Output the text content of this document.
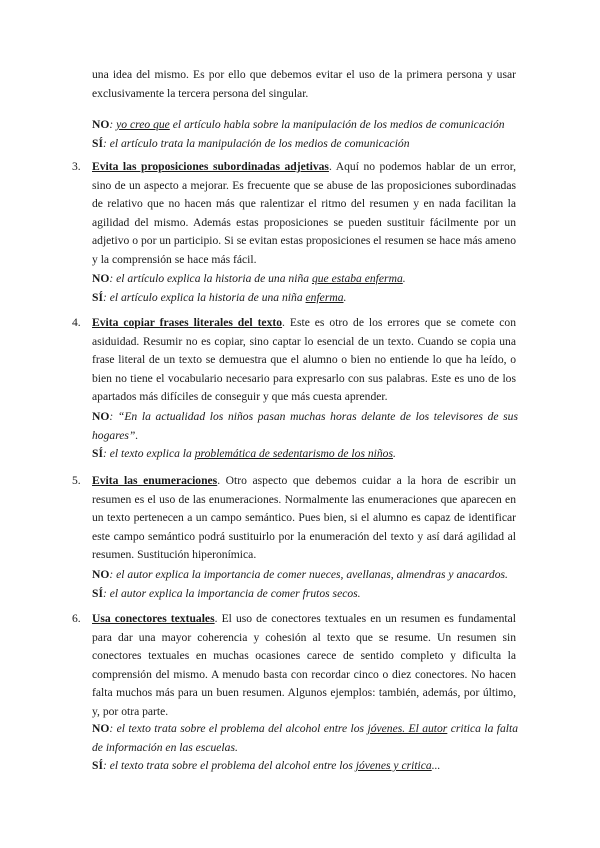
una idea del mismo. Es por ello que debemos evitar el uso de la primera persona y usar exclusivamente la tercera persona del singular.
NO: yo creo que el artículo habla sobre la manipulación de los medios de comunicación
SÍ: el artículo trata la manipulación de los medios de comunicación
3. Evita las proposiciones subordinadas adjetivas. Aquí no podemos hablar de un error, sino de un aspecto a mejorar. Es frecuente que se abuse de las proposiciones subordinadas de relativo que no hacen más que ralentizar el ritmo del resumen y en nada facilitan la agilidad del mismo. Además estas proposiciones se pueden sustituir fácilmente por un adjetivo o por un participio. Si se evitan estas proposiciones el resumen se hace más ameno y la comprensión se hace más fácil.
NO: el artículo explica la historia de una niña que estaba enferma.
SÍ: el artículo explica la historia de una niña enferma.
4. Evita copiar frases literales del texto. Este es otro de los errores que se comete con asiduidad. Resumir no es copiar, sino captar lo esencial de un texto. Cuando se copia una frase literal de un texto se demuestra que el alumno o bien no entiende lo que ha leído, o bien no tiene el vocabulario necesario para expresarlo con sus palabras. Este es uno de los apartados más difíciles de conseguir y que más cuesta aprender.
NO: “En la actualidad los niños pasan muchas horas delante de los televisores de sus hogares”.
SÍ: el texto explica la problemática de sedentarismo de los niños.
5. Evita las enumeraciones. Otro aspecto que debemos cuidar a la hora de escribir un resumen es el uso de las enumeraciones. Normalmente las enumeraciones que aparecen en un texto pertenecen a un campo semántico. Pues bien, si el alumno es capaz de identificar este campo semántico podrá sustituirlo por la enumeración del texto y así dará agilidad al resumen. Sustitución hiperonímica.
NO: el autor explica la importancia de comer nueces, avellanas, almendras y anacardos.
SÍ: el autor explica la importancia de comer frutos secos.
6. Usa conectores textuales. El uso de conectores textuales en un resumen es fundamental para dar una mayor coherencia y cohesión al texto que se resume. Un resumen sin conectores textuales en muchas ocasiones carece de sentido completo y dificulta la comprensión del mismo. A menudo basta con recordar cinco o diez conectores. No hacen falta muchos más para un buen resumen. Algunos ejemplos: también, además, por último, y, por otra parte.
NO: el texto trata sobre el problema del alcohol entre los jóvenes. El autor critica la falta de información en las escuelas.
SÍ: el texto trata sobre el problema del alcohol entre los jóvenes y critica...
